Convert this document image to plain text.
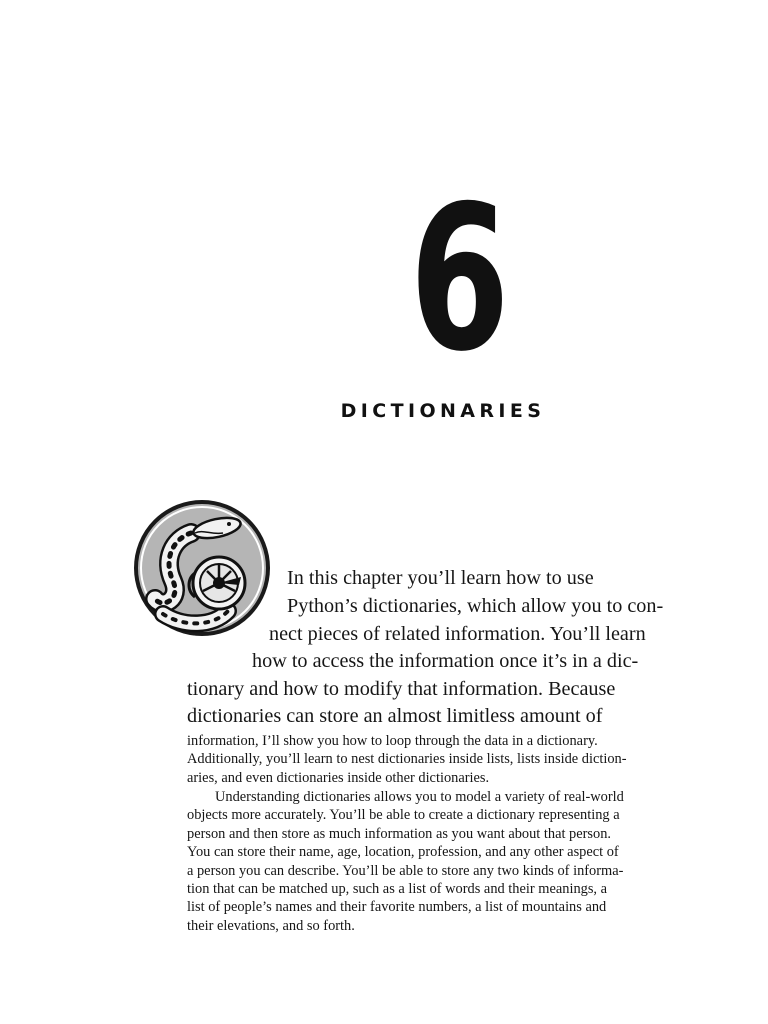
6
DICTIONARIES
In this chapter you’ll learn how to use
Python’s dictionaries, which allow you to con-
nect pieces of related information. You’ll learn
how to access the information once it’s in a dic-
tionary and how to modify that information. Because
dictionaries can store an almost limitless amount of
information, I’ll show you how to loop through the data in a dictionary.
Additionally, you’ll learn to nest dictionaries inside lists, lists inside diction-
aries, and even dictionaries inside other dictionaries.
Understanding dictionaries allows you to model a variety of real-world
objects more accurately. You’ll be able to create a dictionary representing a
person and then store as much information as you want about that person.
You can store their name, age, location, profession, and any other aspect of
a person you can describe. You’ll be able to store any two kinds of informa-
tion that can be matched up, such as a list of words and their meanings, a
list of people’s names and their favorite numbers, a list of mountains and
their elevations, and so forth.
